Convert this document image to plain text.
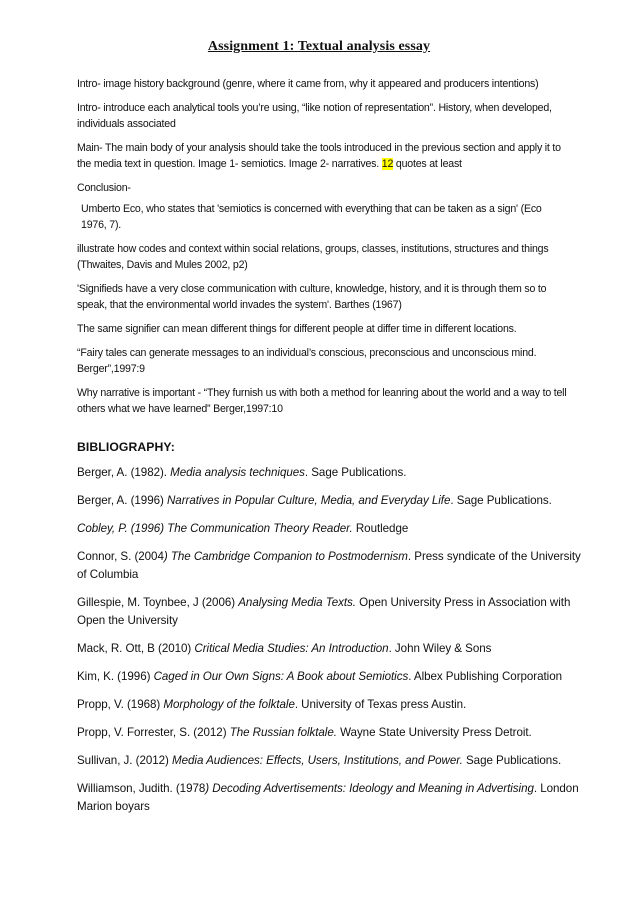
Assignment 1: Textual analysis essay

Intro- image history background (genre, where it came from, why it appeared and producers intentions)

Intro- introduce each analytical tools you’re using, “like notion of representation”. History, when developed, individuals associated

Main- The main body of your analysis should take the tools introduced in the previous section and apply it to the media text in question. Image 1- semiotics. Image 2- narratives. 12 quotes at least

Conclusion-

Umberto Eco, who states that 'semiotics is concerned with everything that can be taken as a sign' (Eco 1976, 7).

illustrate how codes and context within social relations, groups, classes, institutions, structures and things (Thwaites, Davis and Mules 2002, p2)

'Signifieds have a very close communication with culture, knowledge, history, and it is through them so to speak, that the environmental world invades the system'. Barthes (1967)

The same signifier can mean different things for different people at differ time in different locations.

“Fairy tales can generate messages to an individual’s conscious, preconscious and unconscious mind. Berger”,1997:9

Why narrative is important - “They furnish us with both a method for leanring about the world and a way to tell others what we have learned” Berger,1997:10

BIBLIOGRAPHY:

Berger, A. (1982). Media analysis techniques. Sage Publications.

Berger, A. (1996) Narratives in Popular Culture, Media, and Everyday Life. Sage Publications.

Cobley, P. (1996) The Communication Theory Reader. Routledge

Connor, S. (2004) The Cambridge Companion to Postmodernism. Press syndicate of the University of Columbia

Gillespie, M. Toynbee, J (2006) Analysing Media Texts. Open University Press in Association with Open the University

Mack, R. Ott, B (2010) Critical Media Studies: An Introduction. John Wiley & Sons

Kim, K. (1996) Caged in Our Own Signs: A Book about Semiotics. Albex Publishing Corporation

Propp, V. (1968) Morphology of the folktale. University of Texas press Austin.

Propp, V. Forrester, S. (2012) The Russian folktale. Wayne State University Press Detroit.

Sullivan, J. (2012) Media Audiences: Effects, Users, Institutions, and Power. Sage Publications.

Williamson, Judith. (1978) Decoding Advertisements: Ideology and Meaning in Advertising. London Marion boyars
